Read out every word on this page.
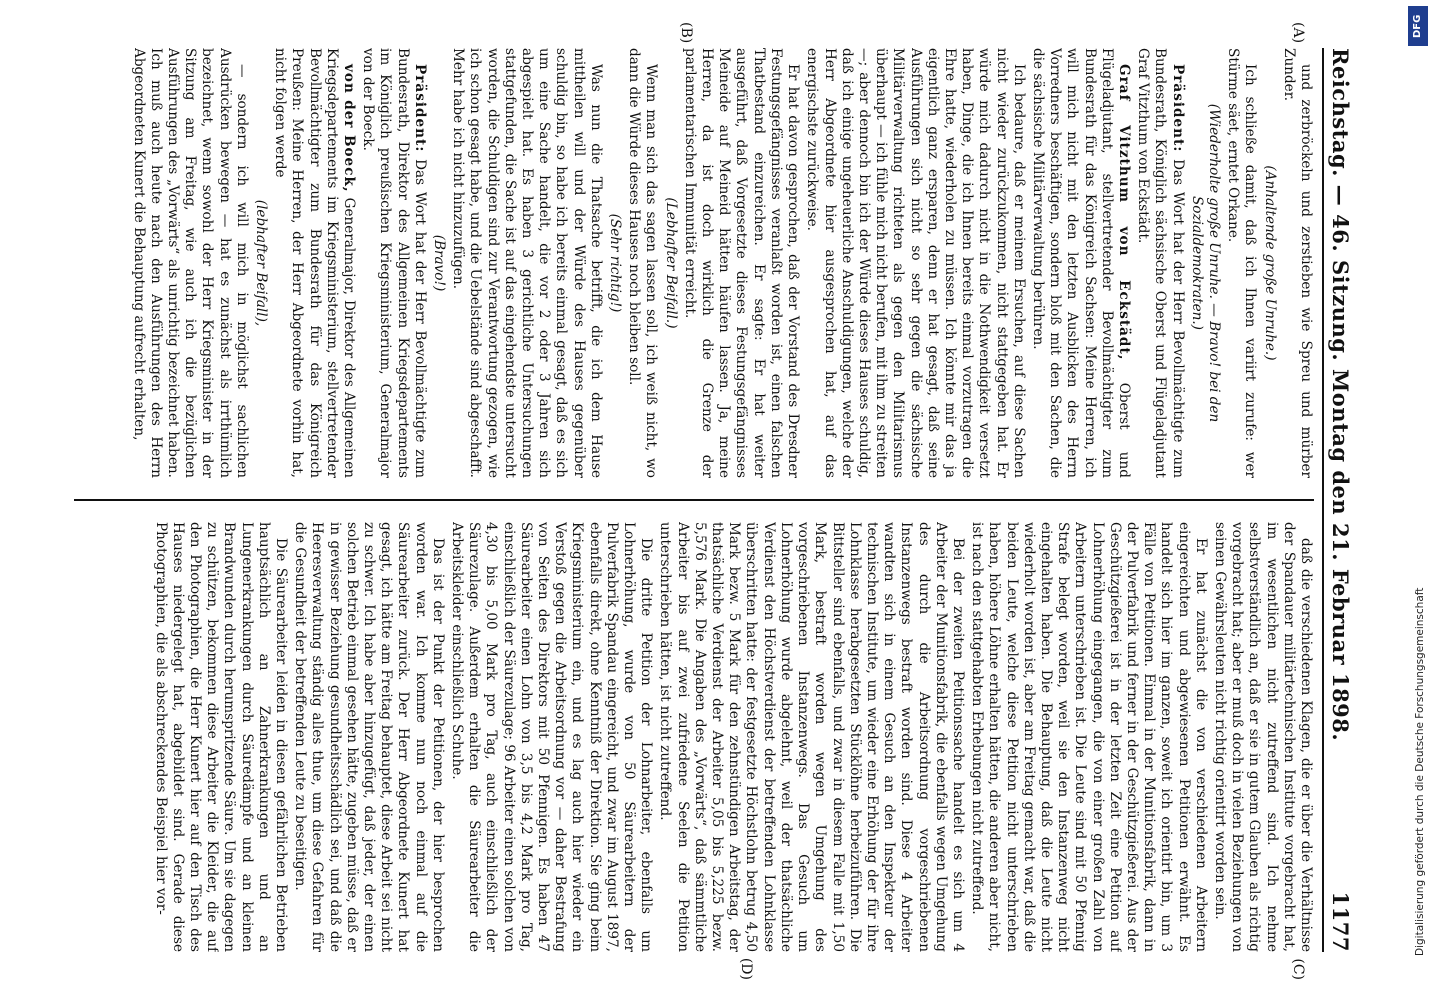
DFG
Digitalisierung gefördert durch die Deutsche Forschungsgemeinschaft
Reichstag. — 46. Sitzung. Montag den 21. Februar 1898.
1177
(A)
(B)
(C)
(D)

und zerbröckeln und zerstieben wie Spreu und mürber Zunder.

(Anhaltende große Unruhe.)

Ich schließe damit, daß ich Ihnen variirt zurufe: wer Stürme säet, erntet Orkane.

(Wiederholte große Unruhe. — Bravo! bei den Sozialdemokraten.)

Präsident: Das Wort hat der Herr Bevollmächtigte zum Bundesrath, Königlich sächsische Oberst und Flügeladjutant Graf Vitzthum von Eckstädt.

Graf Vitzthum von Eckstädt, Oberst und Flügeladjutant, stellvertretender Bevollmächtigter zum Bundesrath für das Königreich Sachsen: Meine Herren, ich will mich nicht mit den letzten Ausblicken des Herrn Vorredners beschäftigen, sondern bloß mit den Sachen, die die sächsische Militärverwaltung berühren.

Ich bedaure, daß er meinem Ersuchen, auf diese Sachen nicht wieder zurückzukommen, nicht stattgegeben hat. Er würde mich dadurch nicht in die Nothwendigkeit versetzt haben, Dinge, die ich Ihnen bereits einmal vorzutragen die Ehre hatte, wiederholen zu müssen. Ich könnte mir das ja eigentlich ganz ersparen, denn er hat gesagt, daß seine Ausführungen sich nicht so sehr gegen die sächsische Militärverwaltung richteten als gegen den Militarismus überhaupt — ich fühle mich nicht berufen, mit ihm zu streiten —; aber dennoch bin ich der Würde dieses Hauses schuldig, daß ich einige ungeheuerliche Anschuldigungen, welche der Herr Abgeordnete hier ausgesprochen hat, auf das energischste zurückweise.

Er hat davon gesprochen, daß der Vorstand des Dresdner Festungsgefängnisses veranlaßt worden ist, einen falschen Thatbestand einzureichen. Er sagte: Er hat weiter ausgeführt, daß Vorgesetzte dieses Festungsgefängnisses Meineide auf Meineid hätten häufen lassen. Ja, meine Herren, da ist doch wirklich die Grenze der parlamentarischen Immunität erreicht.

(Lebhafter Beifall.)

Wenn man sich das sagen lassen soll, ich weiß nicht, wo dann die Würde dieses Hauses noch bleiben soll.

(Sehr richtig!)

Was nun die Thatsache betrifft, die ich dem Hause mittheilen will und der Würde des Hauses gegenüber schuldig bin, so habe ich bereits einmal gesagt, daß es sich um eine Sache handelt, die vor 2 oder 3 Jahren sich abgespielt hat. Es haben 3 gerichtliche Untersuchungen stattgefunden, die Sache ist auf das eingehendste untersucht worden, die Schuldigen sind zur Verantwortung gezogen, wie ich schon gesagt habe, und die Uebelstände sind abgeschafft. Mehr habe ich nicht hinzuzufügen.

(Bravo!)

Präsident: Das Wort hat der Herr Bevollmächtigte zum Bundesrath, Direktor des Allgemeinen Kriegsdepartements im Königlich preußischen Kriegsministerium, Generalmajor von der Boeck.

von der Boeck, Generalmajor, Direktor des Allgemeinen Kriegsdepartements im Kriegsministerium, stellvertretender Bevollmächtigter zum Bundesrath für das Königreich Preußen: Meine Herren, der Herr Abgeordnete vorhin hat, nicht folgen werde

(lebhafter Beifall),

— sondern ich will mich in möglichst sachlichen Ausdrücken bewegen — hat es zunächst als irrthümlich bezeichnet, wenn sowohl der Herr Kriegsminister in der Sitzung am Freitag, wie auch ich die bezüglichen Ausführungen des „Vorwärts“ als unrichtig bezeichnet haben. Ich muß auch heute nach den Ausführungen des Herrn Abgeordneten Kunert die Behauptung aufrecht erhalten,

daß die verschiedenen Klagen, die er über die Verhältnisse der Spandauer militärtechnischen Institute vorgebracht hat, im wesentlichen nicht zutreffend sind. Ich nehme selbstverständlich an, daß er sie in gutem Glauben als richtig vorgebracht hat; aber er muß doch in vielen Beziehungen von seinen Gewährsleuten nicht richtig orientirt worden sein.

Er hat zunächst die von verschiedenen Arbeitern eingereichten und abgewiesenen Petitionen erwähnt. Es handelt sich hier im ganzen, soweit ich orientirt bin, um 3 Fälle von Petitionen. Einmal in der Munitionsfabrik, dann in der Pulverfabrik und ferner in der Geschützgießerei. Aus der Geschützgießerei ist in der letzten Zeit eine Petition auf Lohnerhöhung eingegangen, die von einer großen Zahl von Arbeitern unterschrieben ist. Die Leute sind mit 50 Pfennig Strafe belegt worden, weil sie den Instanzenweg nicht eingehalten haben. Die Behauptung, daß die Leute nicht wiederholt worden ist, aber am Freitag gemacht war, daß die beiden Leute, welche diese Petition nicht unterschrieben haben, höhere Löhne erhalten hätten, die anderen aber nicht, ist nach den stattgehabten Erhebungen nicht zutreffend.

Bei der zweiten Petitionssache handelt es sich um 4 Arbeiter der Munitionsfabrik, die ebenfalls wegen Umgehung des durch die Arbeitsordnung vorgeschriebenen Instanzenwegs bestraft worden sind. Diese 4 Arbeiter wandten sich in einem Gesuch an den Inspekteur der technischen Institute, um wieder eine Erhöhung der für ihre Lohnklasse herabgesetzten Stücklöhne herbeizuführen. Die Bittsteller sind ebenfalls, und zwar in diesem Falle mit 1,50 Mark, bestraft worden wegen Umgehung des vorgeschriebenen Instanzenwegs. Das Gesuch um Lohnerhöhung wurde abgelehnt, weil der thatsächliche Verdienst den Höchstverdienst der betreffenden Lohnklasse überschritten hatte: der festgesetzte Höchstlohn betrug 4,50 Mark bezw. 5 Mark für den zehnstündigen Arbeitstag, der thatsächliche Verdienst der Arbeiter 5,05 bis 5,225 bezw. 5,576 Mark. Die Angaben des „Vorwärts“, daß sämmtliche Arbeiter bis auf zwei zufriedene Seelen die Petition unterschrieben hätten, ist nicht zutreffend.

Die dritte Petition der Lohnarbeiter, ebenfalls um Lohnerhöhung, wurde von 50 Säurearbeitern der Pulverfabrik Spandau eingereicht, und zwar im August 1897, ebenfalls direkt, ohne Kenntniß der Direktion. Sie ging beim Kriegsministerium ein, und es lag auch hier wieder ein Verstoß gegen die Arbeitsordnung vor — daher Bestrafung von Seiten des Direktors mit 50 Pfennigen. Es haben 47 Säurearbeiter einen Lohn von 3,5 bis 4,2 Mark pro Tag, einschließlich der Säurezulage; 96 Arbeiter einen solchen von 4,30 bis 5,00 Mark pro Tag, auch einschließlich der Säurezulage. Außerdem erhalten die Säurearbeiter die Arbeitskleider einschließlich Schuhe.

Das ist der Punkt der Petitionen, der hier besprochen worden war. Ich komme nun noch einmal auf die Säurearbeiter zurück. Der Herr Abgeordnete Kunert hat gesagt, ich hätte am Freitag behauptet, diese Arbeit sei nicht zu schwer. Ich habe aber hinzugefügt, daß jeder, der einen solchen Betrieb einmal gesehen hätte, zugeben müsse, daß er in gewisser Beziehung gesundheitsschädlich sei, und daß die Heeresverwaltung ständig alles thue, um diese Gefahren für die Gesundheit der betreffenden Leute zu beseitigen.

Die Säurearbeiter leiden in diesen gefährlichen Betrieben hauptsächlich an Zahnerkrankungen und an Lungenerkrankungen durch Säuredämpfe und an kleinen Brandwunden durch herumspritzende Säure. Um sie dagegen zu schützen, bekommen diese Arbeiter die Kleider, die auf den Photographien, die Herr Kunert hier auf den Tisch des Hauses niedergelegt hat, abgebildet sind. Gerade diese Photographien, die als abschreckendes Beispiel hier vor-
